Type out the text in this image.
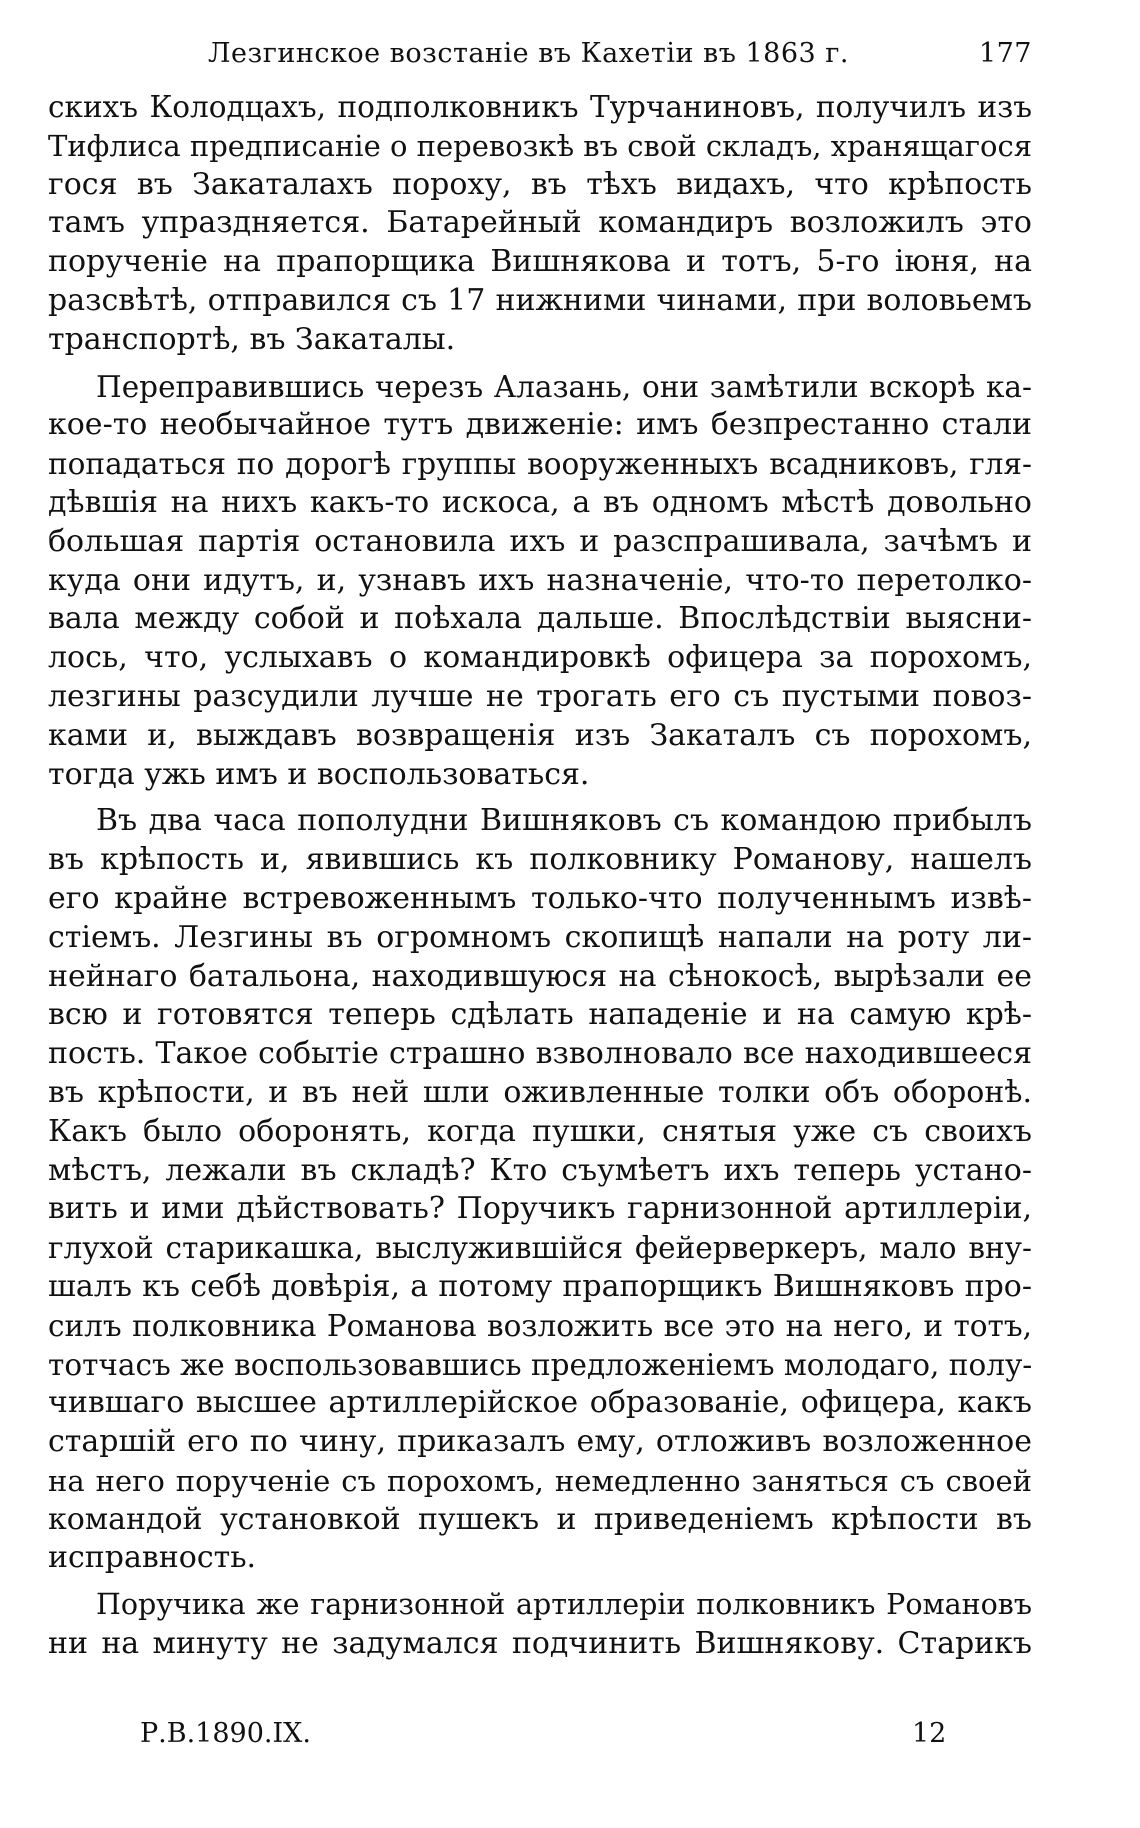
Лезгинское возстаніе въ Кахетіи въ 1863 г.	177
скихъ Колодцахъ, подполковникъ Турчаниновъ, получилъ изъ
Тифлиса предписаніе о перевозкѣ въ свой складъ, хранящагося
гося въ Закаталахъ пороху, въ тѣхъ видахъ, что крѣпость
тамъ упраздняется. Батарейный командиръ возложилъ это
порученіе на прапорщика Вишнякова и тотъ, 5-го іюня, на
разсвѣтѣ, отправился съ 17 нижними чинами, при воловьемъ
транспортѣ, въ Закаталы.
Переправившись черезъ Алазань, они замѣтили вскорѣ ка-
кое-то необычайное тутъ движеніе: имъ безпрестанно стали
попадаться по дорогѣ группы вооруженныхъ всадниковъ, гля-
дѣвшія на нихъ какъ-то искоса, а въ одномъ мѣстѣ довольно
большая партія остановила ихъ и разспрашивала, зачѣмъ и
куда они идутъ, и, узнавъ ихъ назначеніе, что-то перетолко-
вала между собой и поѣхала дальше. Впослѣдствіи выясни-
лось, что, услыхавъ о командировкѣ офицера за порохомъ,
лезгины разсудили лучше не трогать его съ пустыми повоз-
ками и, выждавъ возвращенія изъ Закаталъ съ порохомъ,
тогда ужь имъ и воспользоваться.
Въ два часа пополудни Вишняковъ съ командою прибылъ
въ крѣпость и, явившись къ полковнику Романову, нашелъ
его крайне встревоженнымъ только-что полученнымъ извѣ-
стіемъ. Лезгины въ огромномъ скопищѣ напали на роту ли-
нейнаго батальона, находившуюся на сѣнокосѣ, вырѣзали ее
всю и готовятся теперь сдѣлать нападеніе и на самую крѣ-
пость. Такое событіе страшно взволновало все находившееся
въ крѣпости, и въ ней шли оживленные толки объ оборонѣ.
Какъ было оборонять, когда пушки, снятыя уже съ своихъ
мѣстъ, лежали въ складѣ? Кто съумѣетъ ихъ теперь устано-
вить и ими дѣйствовать? Поручикъ гарнизонной артиллеріи,
глухой старикашка, выслужившійся фейерверкеръ, мало вну-
шалъ къ себѣ довѣрія, а потому прапорщикъ Вишняковъ про-
силъ полковника Романова возложить все это на него, и тотъ,
тотчасъ же воспользовавшись предложеніемъ молодаго, полу-
чившаго высшее артиллерійское образованіе, офицера, какъ
старшій его по чину, приказалъ ему, отложивъ возложенное
на него порученіе съ порохомъ, немедленно заняться съ своей
командой установкой пушекъ и приведеніемъ крѣпости въ
исправность.
Поручика же гарнизонной артиллеріи полковникъ Романовъ
ни на минуту не задумался подчинить Вишнякову. Старикъ
Р.В.1890.IX.	12
